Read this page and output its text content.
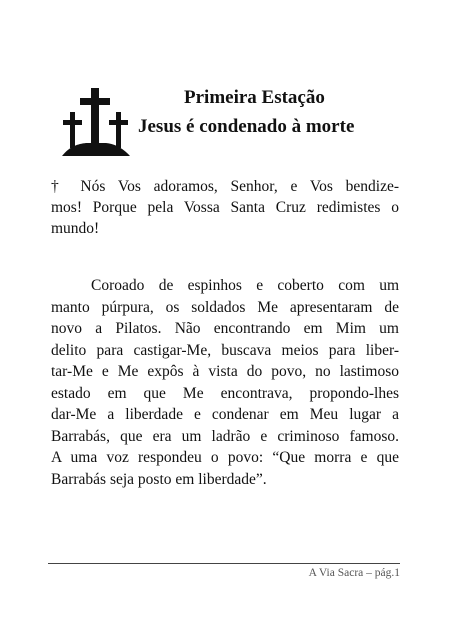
Primeira Estação
Jesus é condenado à morte
† Nós Vos adoramos, Senhor, e Vos bendize-
mos! Porque pela Vossa Santa Cruz redimistes o
mundo!
Coroado de espinhos e coberto com um
manto púrpura, os soldados Me apresentaram de
novo a Pilatos. Não encontrando em Mim um
delito para castigar-Me, buscava meios para liber-
tar-Me e Me expôs à vista do povo, no lastimoso
estado em que Me encontrava, propondo-lhes
dar-Me a liberdade e condenar em Meu lugar a
Barrabás, que era um ladrão e criminoso famoso.
A uma voz respondeu o povo: “Que morra e que
Barrabás seja posto em liberdade”.
A Via Sacra – pág.1
